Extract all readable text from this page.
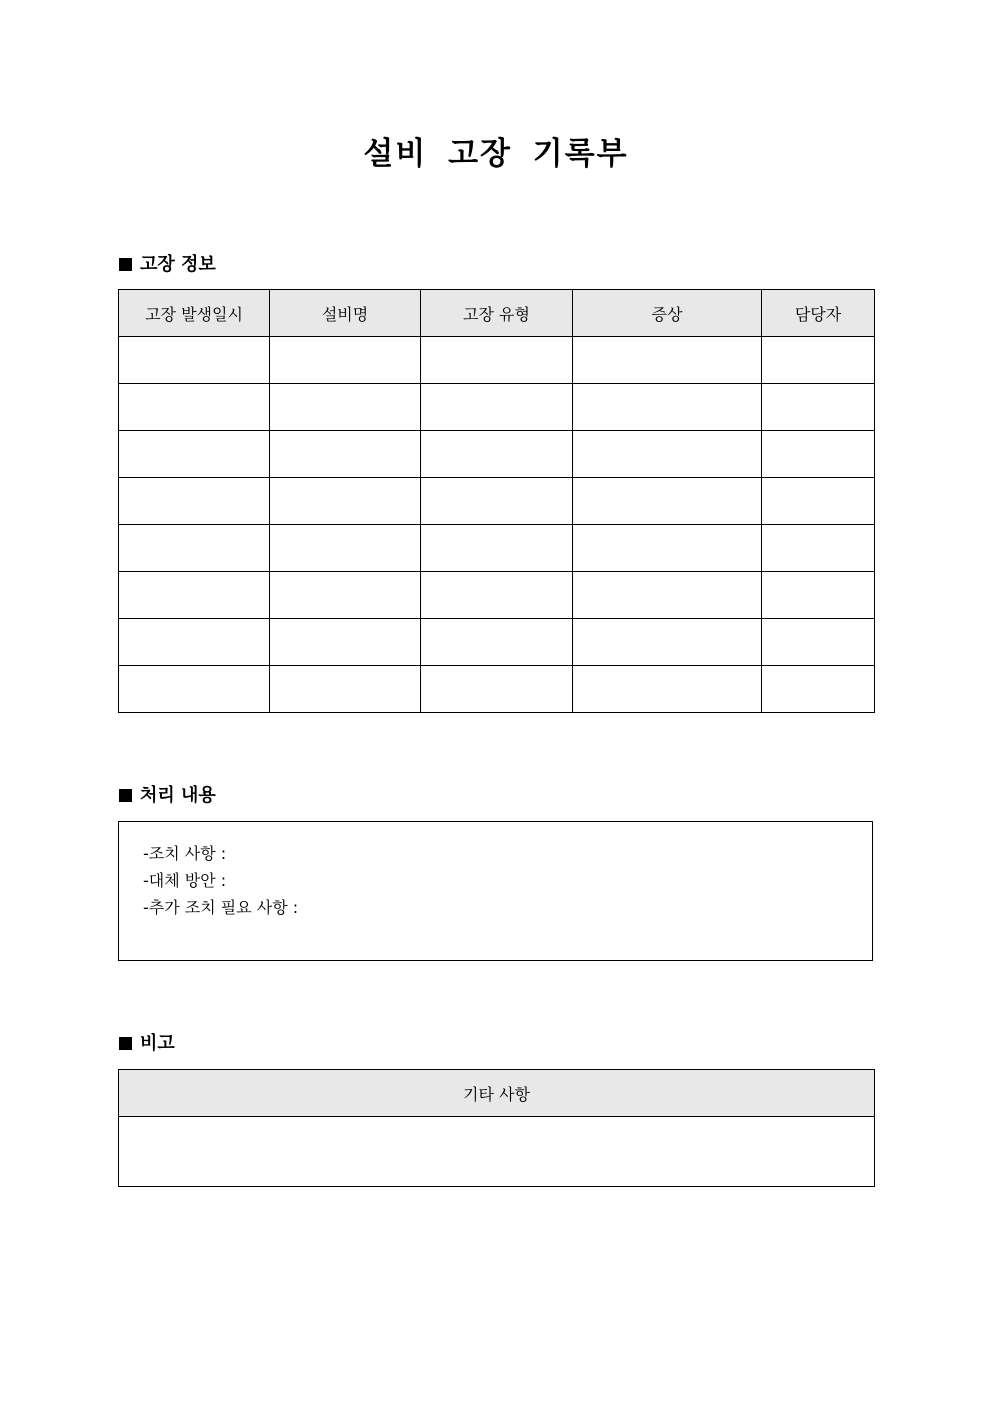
설비 고장 기록부
고장 정보
고장 발생일시	설비명	고장 유형	증상	담당자

처리 내용
-조치 사항 :
-대체 방안 :
-추가 조치 필요 사항 :
비고
기타 사항
